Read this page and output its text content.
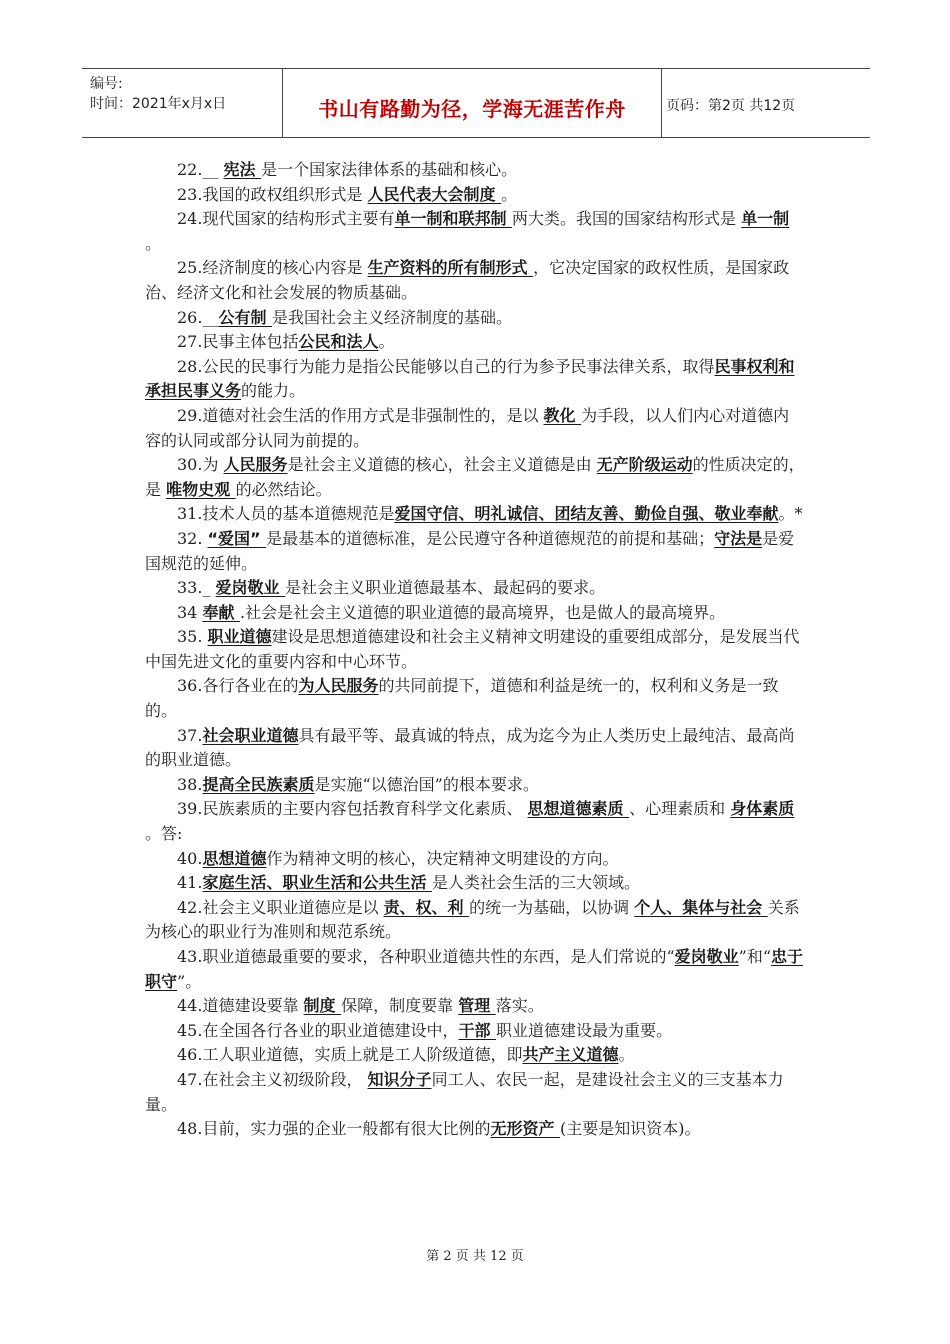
编号:
时间：2021年x月x日	书山有路勤为径，学海无涯苦作舟	页码：第2页 共12页

22.__ 宪法 是一个国家法律体系的基础和核心。

23.我国的政权组织形式是 人民代表大会制度 。

24.现代国家的结构形式主要有单一制和联邦制 两大类。我国的国家结构形式是 单一制 。

25.经济制度的核心内容是 生产资料的所有制形式 ，它决定国家的政权性质，是国家政治、经济文化和社会发展的物质基础。

26.__公有制 是我国社会主义经济制度的基础。

27.民事主体包括公民和法人。

28.公民的民事行为能力是指公民能够以自己的行为参予民事法律关系，取得民事权利和承担民事义务的能力。

29.道德对社会生活的作用方式是非强制性的，是以 教化 为手段，以人们内心对道德内容的认同或部分认同为前提的。

30.为 人民服务是社会主义道德的核心，社会主义道德是由 无产阶级运动的性质决定的，是 唯物史观 的必然结论。

31.技术人员的基本道德规范是爱国守信、明礼诚信、团结友善、勤俭自强、敬业奉献。*

32. “爱国” 是最基本的道德标准，是公民遵守各种道德规范的前提和基础；守法是是爱国规范的延伸。

33._ 爱岗敬业 是社会主义职业道德最基本、最起码的要求。

34 奉献 .社会是社会主义道德的职业道德的最高境界，也是做人的最高境界。

35. 职业道德建设是思想道德建设和社会主义精神文明建设的重要组成部分，是发展当代中国先进文化的重要内容和中心环节。

36.各行各业在的为人民服务的共同前提下，道德和利益是统一的，权利和义务是一致的。

37.社会职业道德具有最平等、最真诚的特点，成为迄今为止人类历史上最纯洁、最高尚的职业道德。

38.提高全民族素质是实施“以德治国”的根本要求。

39.民族素质的主要内容包括教育科学文化素质、 思想道德素质 、心理素质和 身体素质 。答:

40.思想道德作为精神文明的核心，决定精神文明建设的方向。

41.家庭生活、职业生活和公共生活 是人类社会生活的三大领域。

42.社会主义职业道德应是以 责、权、利 的统一为基础，以协调 个人、集体与社会 关系为核心的职业行为准则和规范系统。

43.职业道德最重要的要求，各种职业道德共性的东西，是人们常说的“爱岗敬业”和“忠于职守”。

44.道德建设要靠 制度 保障，制度要靠 管理 落实。

45.在全国各行各业的职业道德建设中，干部 职业道德建设最为重要。

46.工人职业道德，实质上就是工人阶级道德，即共产主义道德。

47.在社会主义初级阶段， 知识分子同工人、农民一起，是建设社会主义的三支基本力量。

48.目前，实力强的企业一般都有很大比例的无形资产 (主要是知识资本)。

第 2 页 共 12 页
